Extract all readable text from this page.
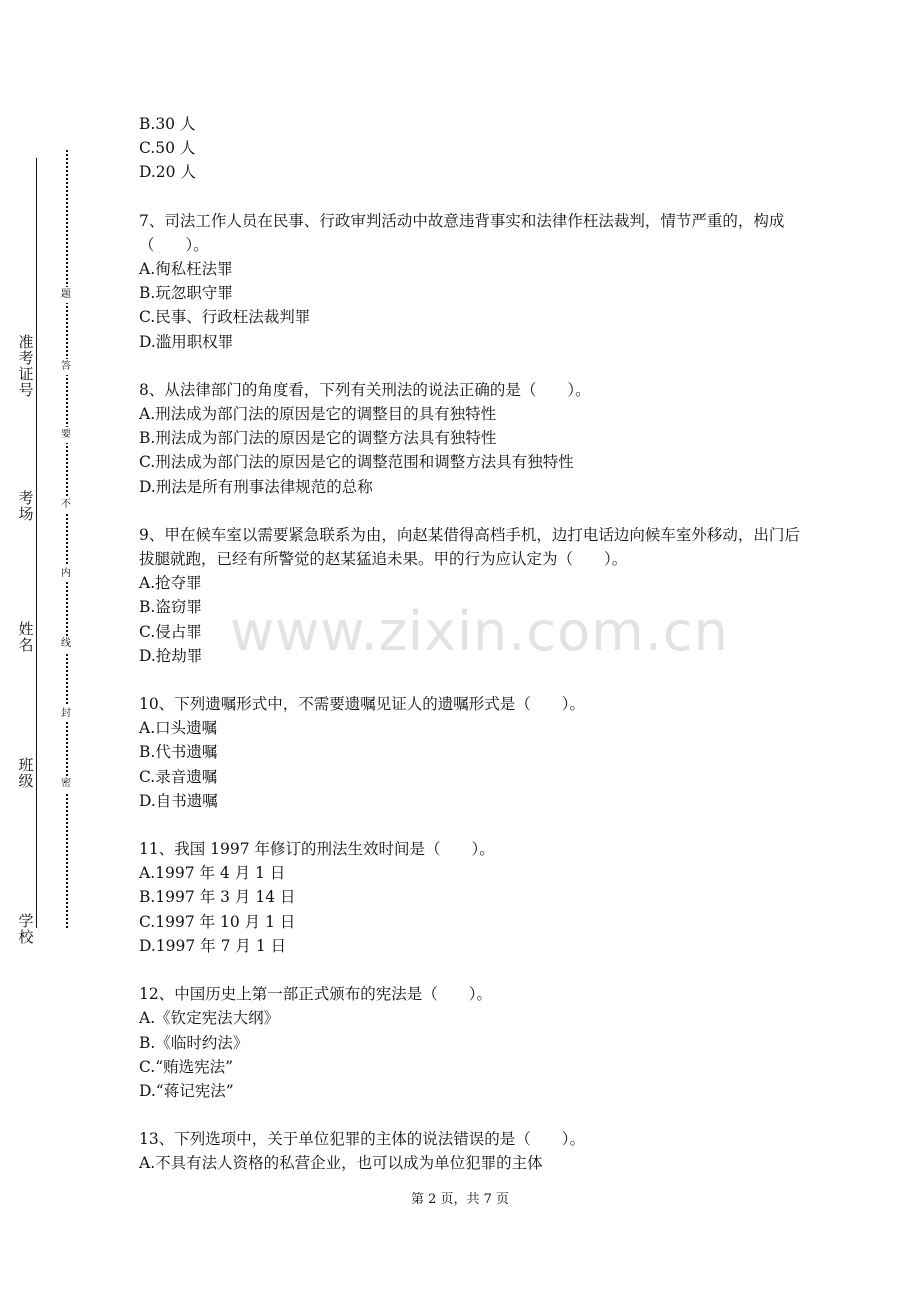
准
考
证
号
考
场
姓
名
班
级
学
校
题
答
要
不
内
线
封
密
www.zixin.com.cn
B.30 人
C.50 人
D.20 人
7、司法工作人员在民事、行政审判活动中故意违背事实和法律作枉法裁判，情节严重的，构成（　　）。
A.徇私枉法罪
B.玩忽职守罪
C.民事、行政枉法裁判罪
D.滥用职权罪
8、从法律部门的角度看，下列有关刑法的说法正确的是（　　）。
A.刑法成为部门法的原因是它的调整目的具有独特性
B.刑法成为部门法的原因是它的调整方法具有独特性
C.刑法成为部门法的原因是它的调整范围和调整方法具有独特性
D.刑法是所有刑事法律规范的总称
9、甲在候车室以需要紧急联系为由，向赵某借得高档手机，边打电话边向候车室外移动，出门后拔腿就跑，已经有所警觉的赵某猛追未果。甲的行为应认定为（　　）。
A.抢夺罪
B.盗窃罪
C.侵占罪
D.抢劫罪
10、下列遗嘱形式中，不需要遗嘱见证人的遗嘱形式是（　　）。
A.口头遗嘱
B.代书遗嘱
C.录音遗嘱
D.自书遗嘱
11、我国 1997 年修订的刑法生效时间是（　　）。
A.1997 年 4 月 1 日
B.1997 年 3 月 14 日
C.1997 年 10 月 1 日
D.1997 年 7 月 1 日
12、中国历史上第一部正式颁布的宪法是（　　）。
A.《钦定宪法大纲》
B.《临时约法》
C.“贿选宪法”
D.“蒋记宪法”
13、下列选项中，关于单位犯罪的主体的说法错误的是（　　）。
A.不具有法人资格的私营企业，也可以成为单位犯罪的主体
第 2 页，共 7 页
